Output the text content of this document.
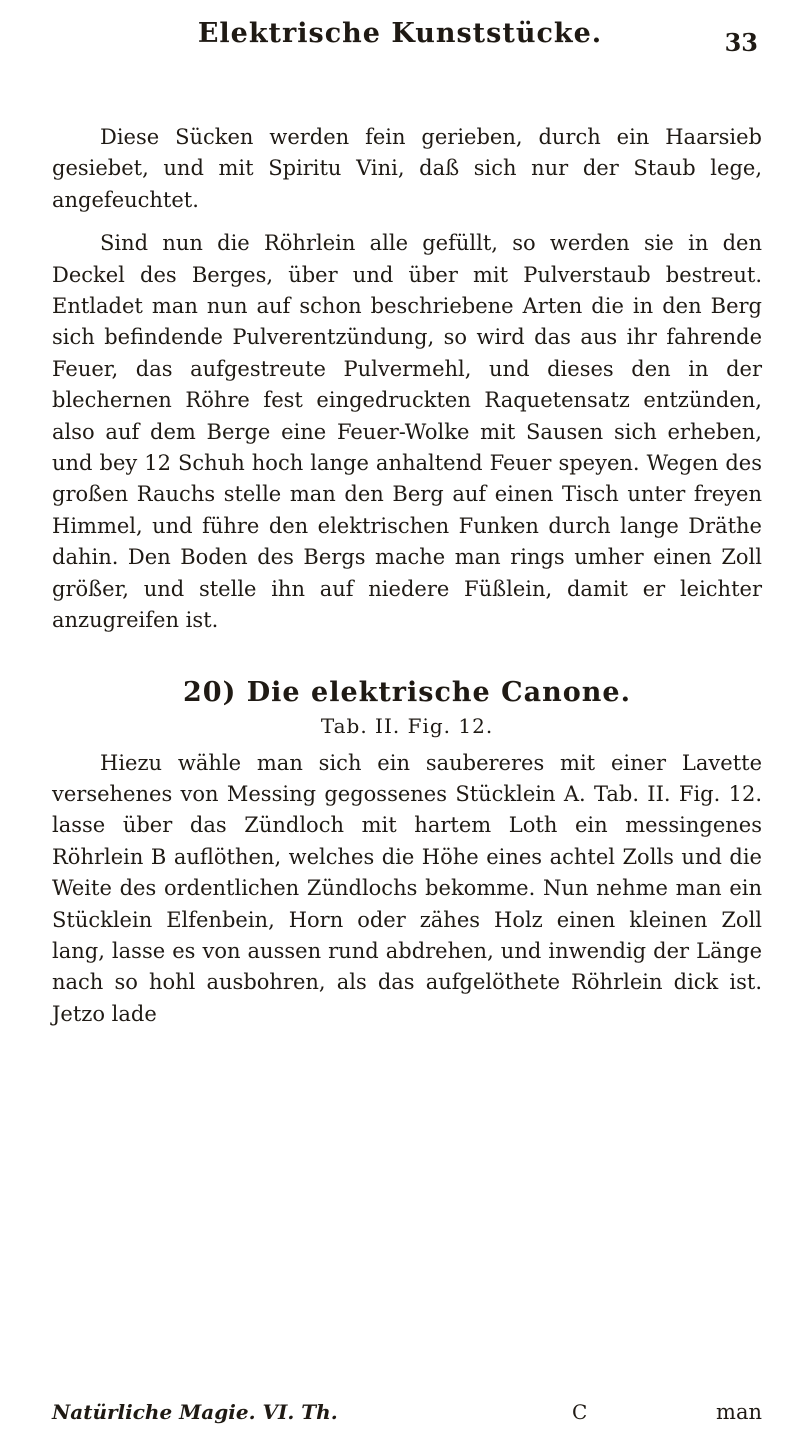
Elektrische Kunststücke.	33

Diese Sücken werden fein gerieben, durch ein Haarsieb gesiebet, und mit Spiritu Vini, daß sich nur der Staub lege, angefeuchtet.

Sind nun die Röhrlein alle gefüllt, so werden sie in den Deckel des Berges, über und über mit Pulverstaub bestreut. Entladet man nun auf schon beschriebene Arten die in den Berg sich befindende Pulverentzündung, so wird das aus ihr fahrende Feuer, das aufgestreute Pulvermehl, und dieses den in der blechernen Röhre fest eingedruckten Raquetensatz entzünden, also auf dem Berge eine Feuer-Wolke mit Sausen sich erheben, und bey 12 Schuh hoch lange anhaltend Feuer speyen. Wegen des großen Rauchs stelle man den Berg auf einen Tisch unter freyen Himmel, und führe den elektrischen Funken durch lange Dräthe dahin. Den Boden des Bergs mache man rings umher einen Zoll größer, und stelle ihn auf niedere Füßlein, damit er leichter anzugreifen ist.

20) Die elektrische Canone.
Tab. II. Fig. 12.

Hiezu wähle man sich ein saubereres mit einer Lavette versehenes von Messing gegossenes Stücklein A. Tab. II. Fig. 12. lasse über das Zündloch mit hartem Loth ein messingenes Röhrlein B auflöthen, welches die Höhe eines achtel Zolls und die Weite des ordentlichen Zündlochs bekomme. Nun nehme man ein Stücklein Elfenbein, Horn oder zähes Holz einen kleinen Zoll lang, lasse es von aussen rund abdrehen, und inwendig der Länge nach so hohl ausbohren, als das aufgelöthete Röhrlein dick ist. Jetzo lade

Natürliche Magie. VI. Th.	C	man
